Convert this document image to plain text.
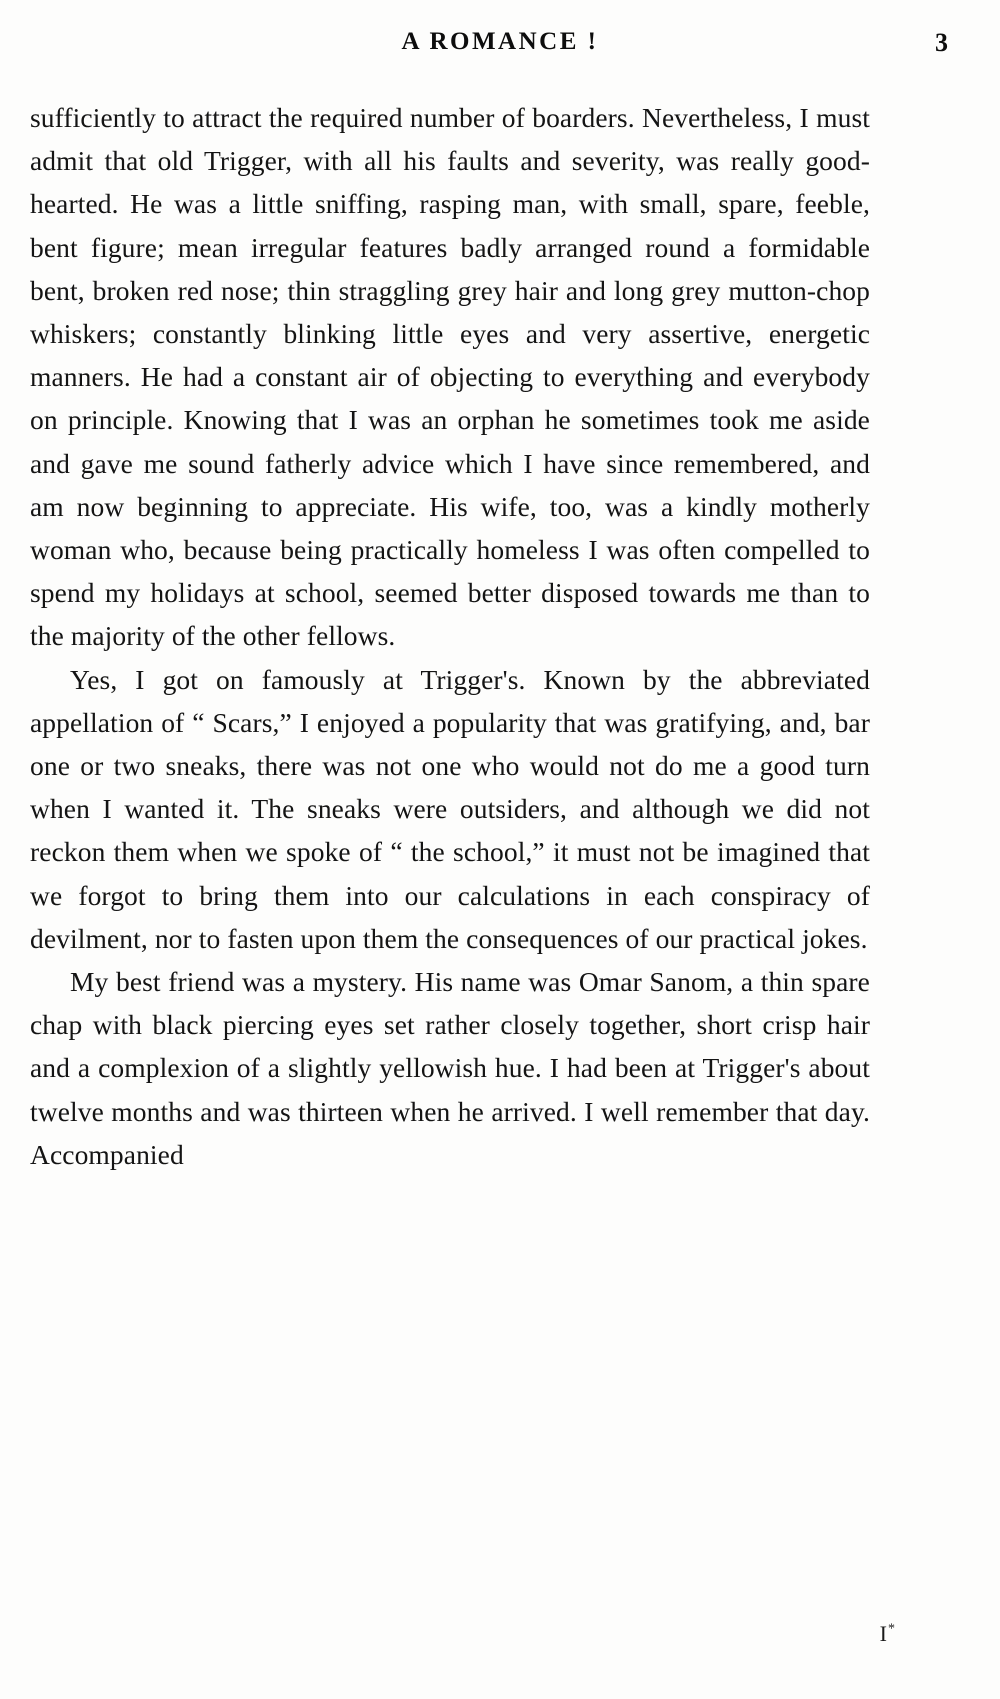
A ROMANCE !	3

sufficiently to attract the required number of boarders. Nevertheless, I must admit that old Trigger, with all his faults and severity, was really good-hearted. He was a little sniffing, rasping man, with small, spare, feeble, bent figure; mean irregular features badly arranged round a formidable bent, broken red nose; thin straggling grey hair and long grey mutton-chop whiskers; constantly blinking little eyes and very assertive, energetic manners. He had a constant air of objecting to everything and everybody on principle. Knowing that I was an orphan he sometimes took me aside and gave me sound fatherly advice which I have since remembered, and am now beginning to appreciate. His wife, too, was a kindly motherly woman who, because being practically homeless I was often compelled to spend my holidays at school, seemed better disposed towards me than to the majority of the other fellows.

Yes, I got on famously at Trigger's. Known by the abbreviated appellation of “ Scars,” I enjoyed a popularity that was gratifying, and, bar one or two sneaks, there was not one who would not do me a good turn when I wanted it. The sneaks were outsiders, and although we did not reckon them when we spoke of “ the school,” it must not be imagined that we forgot to bring them into our calculations in each conspiracy of devilment, nor to fasten upon them the consequences of our practical jokes.

My best friend was a mystery. His name was Omar Sanom, a thin spare chap with black piercing eyes set rather closely together, short crisp hair and a complexion of a slightly yellowish hue. I had been at Trigger's about twelve months and was thirteen when he arrived. I well remember that day. Accompanied

I*
